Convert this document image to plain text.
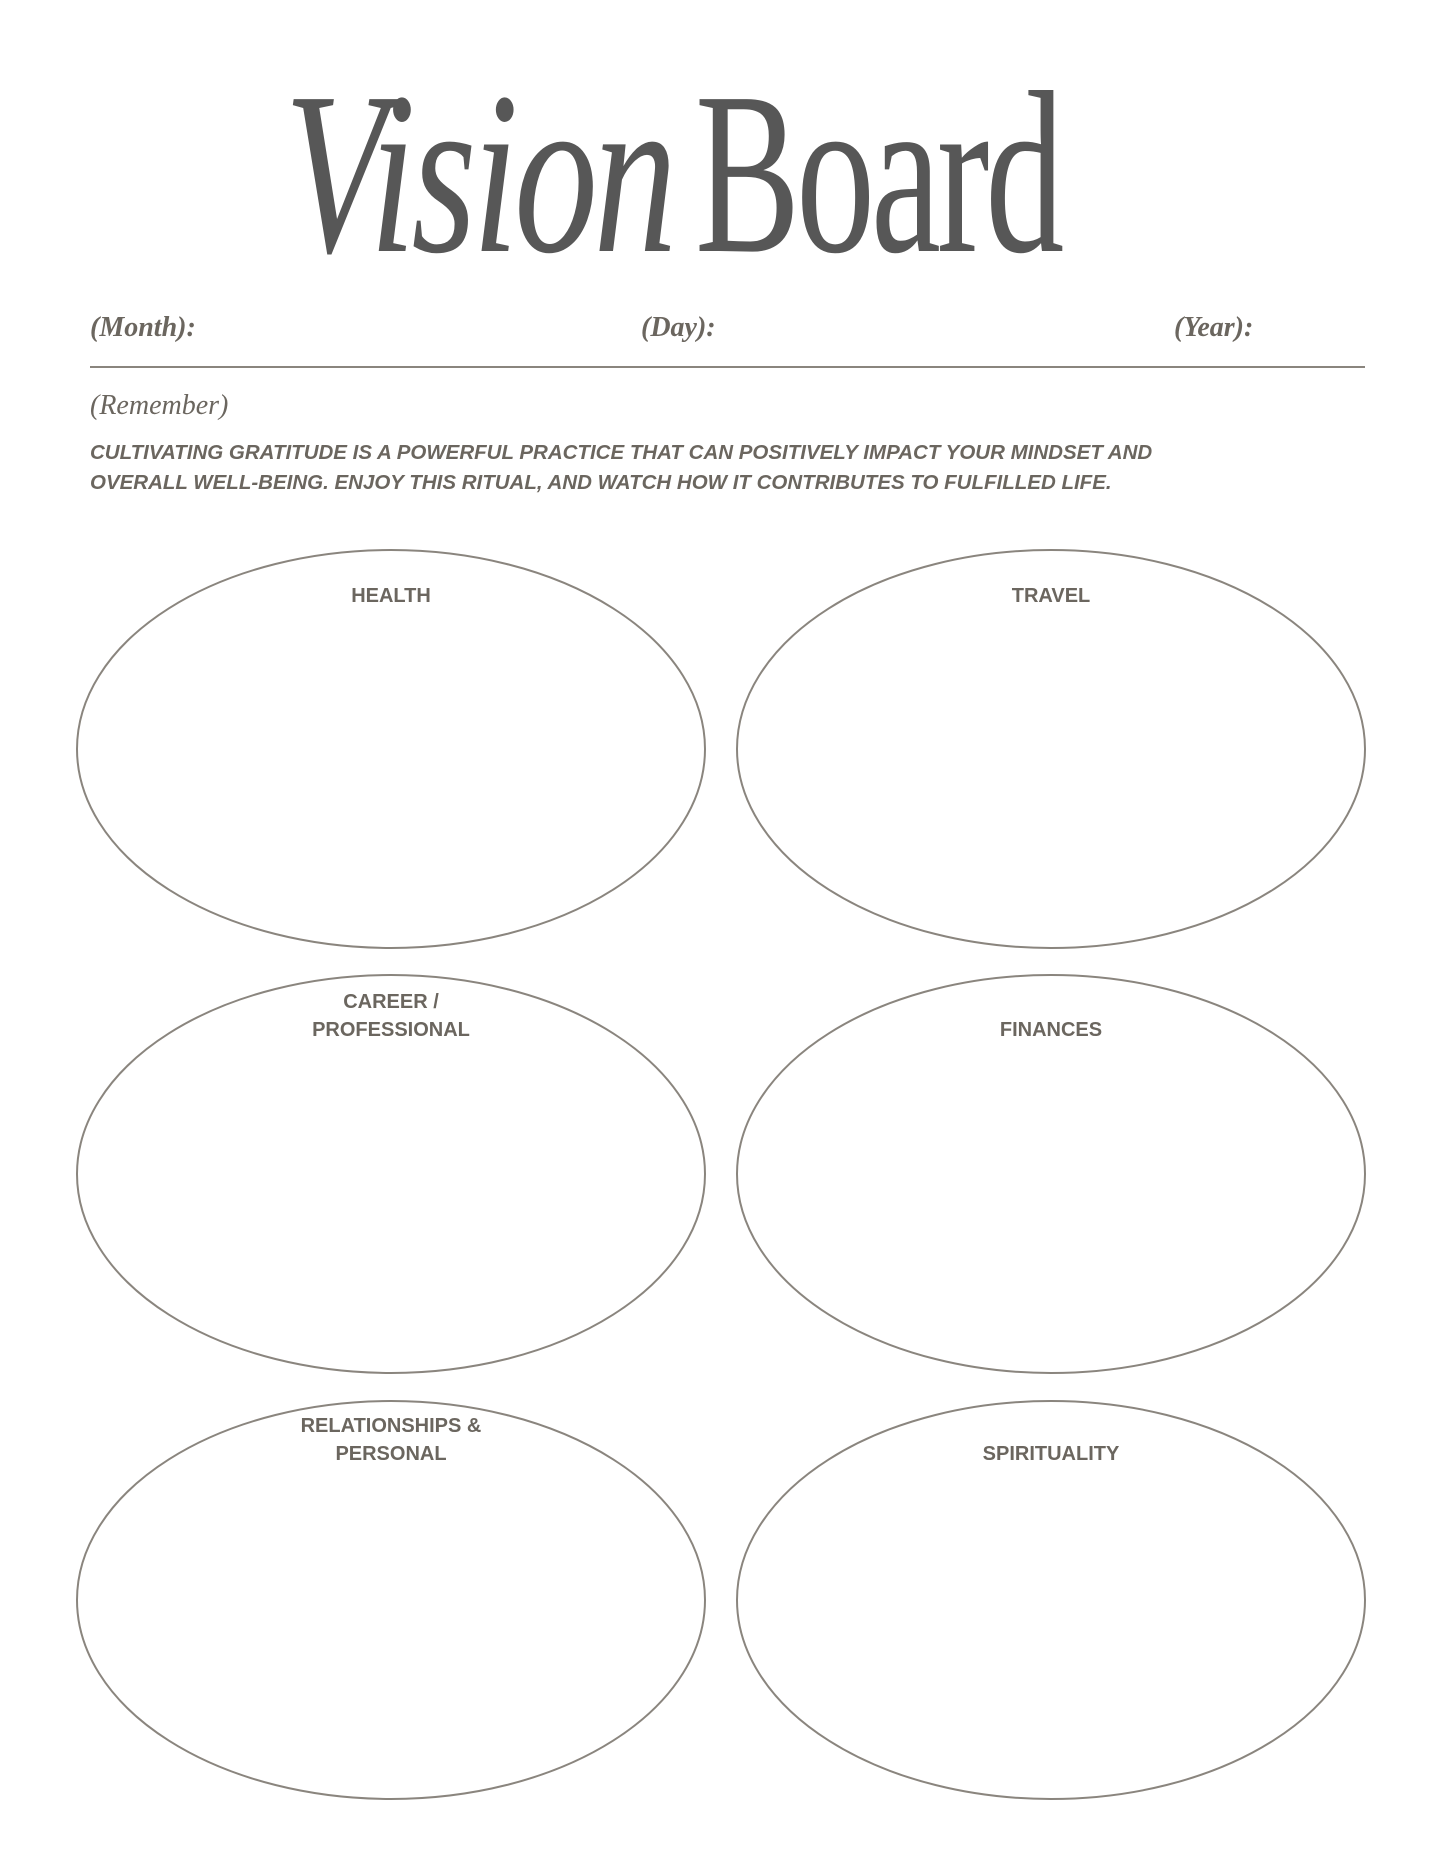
Vision Board
(Month):	(Day):	(Year):
(Remember)
CULTIVATING GRATITUDE IS A POWERFUL PRACTICE THAT CAN POSITIVELY IMPACT YOUR MINDSET AND
OVERALL WELL-BEING. ENJOY THIS RITUAL, AND WATCH HOW IT CONTRIBUTES TO FULFILLED LIFE.
HEALTH	TRAVEL
CAREER /
PROFESSIONAL	FINANCES
RELATIONSHIPS &
PERSONAL	SPIRITUALITY
